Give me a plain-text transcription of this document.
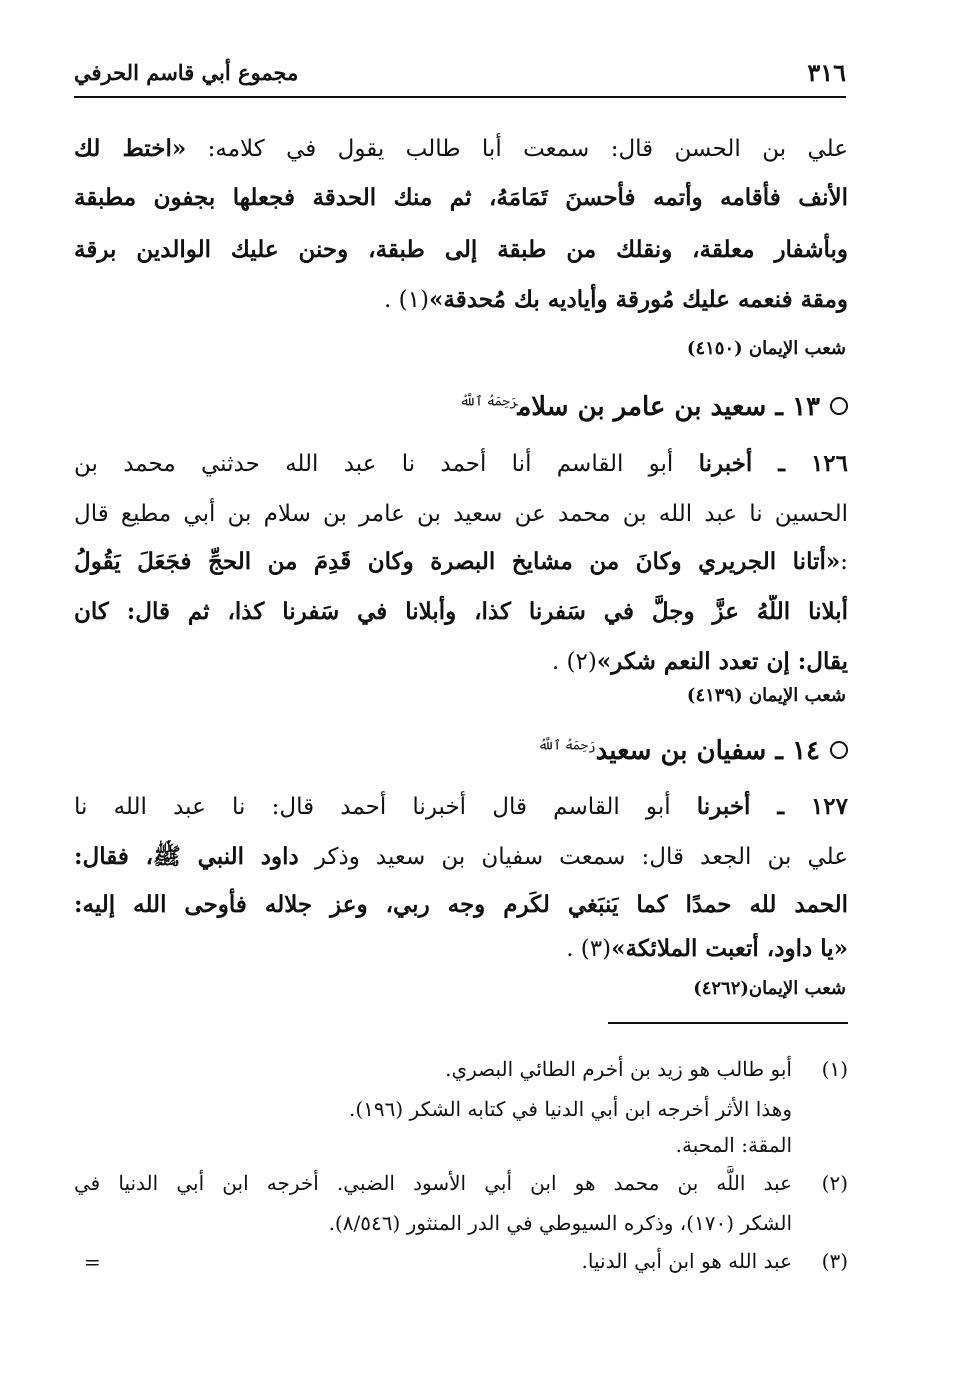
٣١٦
مجموع أبي قاسم الحرفي
علي بن الحسن قال: سمعت أبا طالب يقول في كلامه: «اختط لك
الأنف فأقامه وأتمه فأحسنَ تَمَامَهُ، ثم منك الحدقة فجعلها بجفون مطبقة
وبأشفار معلقة، ونقلك من طبقة إلى طبقة، وحنن عليك الوالدين برقة
ومقة فنعمه عليك مُورقة وأياديه بك مُحدقة»(١) .
شعب الإيمان (٤١٥٠)
١٣ ـ سعيد بن عامر بن سلام$^{رَحِمَهُ ٱللَّهُ}$
١٢٦ ـ أخبرنا أبو القاسم أنا أحمد نا عبد الله حدثني محمد بن
الحسين نا عبد الله بن محمد عن سعيد بن عامر بن سلام بن أبي مطيع قال
:«أتانا الجريري وكانَ من مشايخ البصرة وكان قَدِمَ من الحجِّ فجَعَلَ يَقُولُ
أبلانا اللَّهُ عزَّ وجلَّ في سَفرنا كذا، وأبلانا في سَفرنا كذا، ثم قال: كان
يقال: إن تعدد النعم شكر»(٢) .
شعب الإيمان (٤١٣٩)
١٤ ـ سفيان بن سعيد$^{رَحِمَهُ ٱللَّهُ}$
١٢٧ ـ أخبرنا أبو القاسم قال أخبرنا أحمد قال: نا عبد الله نا
علي بن الجعد قال: سمعت سفيان بن سعيد وذكر داود النبي ﷺ، فقال:
الحمد لله حمدًا كما يَنبَغي لكَرم وجه ربي، وعز جلاله فأوحى الله إليه:
«يا داود، أتعبت الملائكة»(٣) .
شعب الإيمان(٤٢٦٢)
(١)
أبو طالب هو زيد بن أخرم الطائي البصري.
وهذا الأثر أخرجه ابن أبي الدنيا في كتابه الشكر (١٩٦).
المقة: المحبة.
(٢)
عبد اللَّه بن محمد هو ابن أبي الأسود الضبي. أخرجه ابن أبي الدنيا في
الشكر (١٧٠)، وذكره السيوطي في الدر المنثور (٨/٥٤٦).
(٣)
عبد الله هو ابن أبي الدنيا.
=
